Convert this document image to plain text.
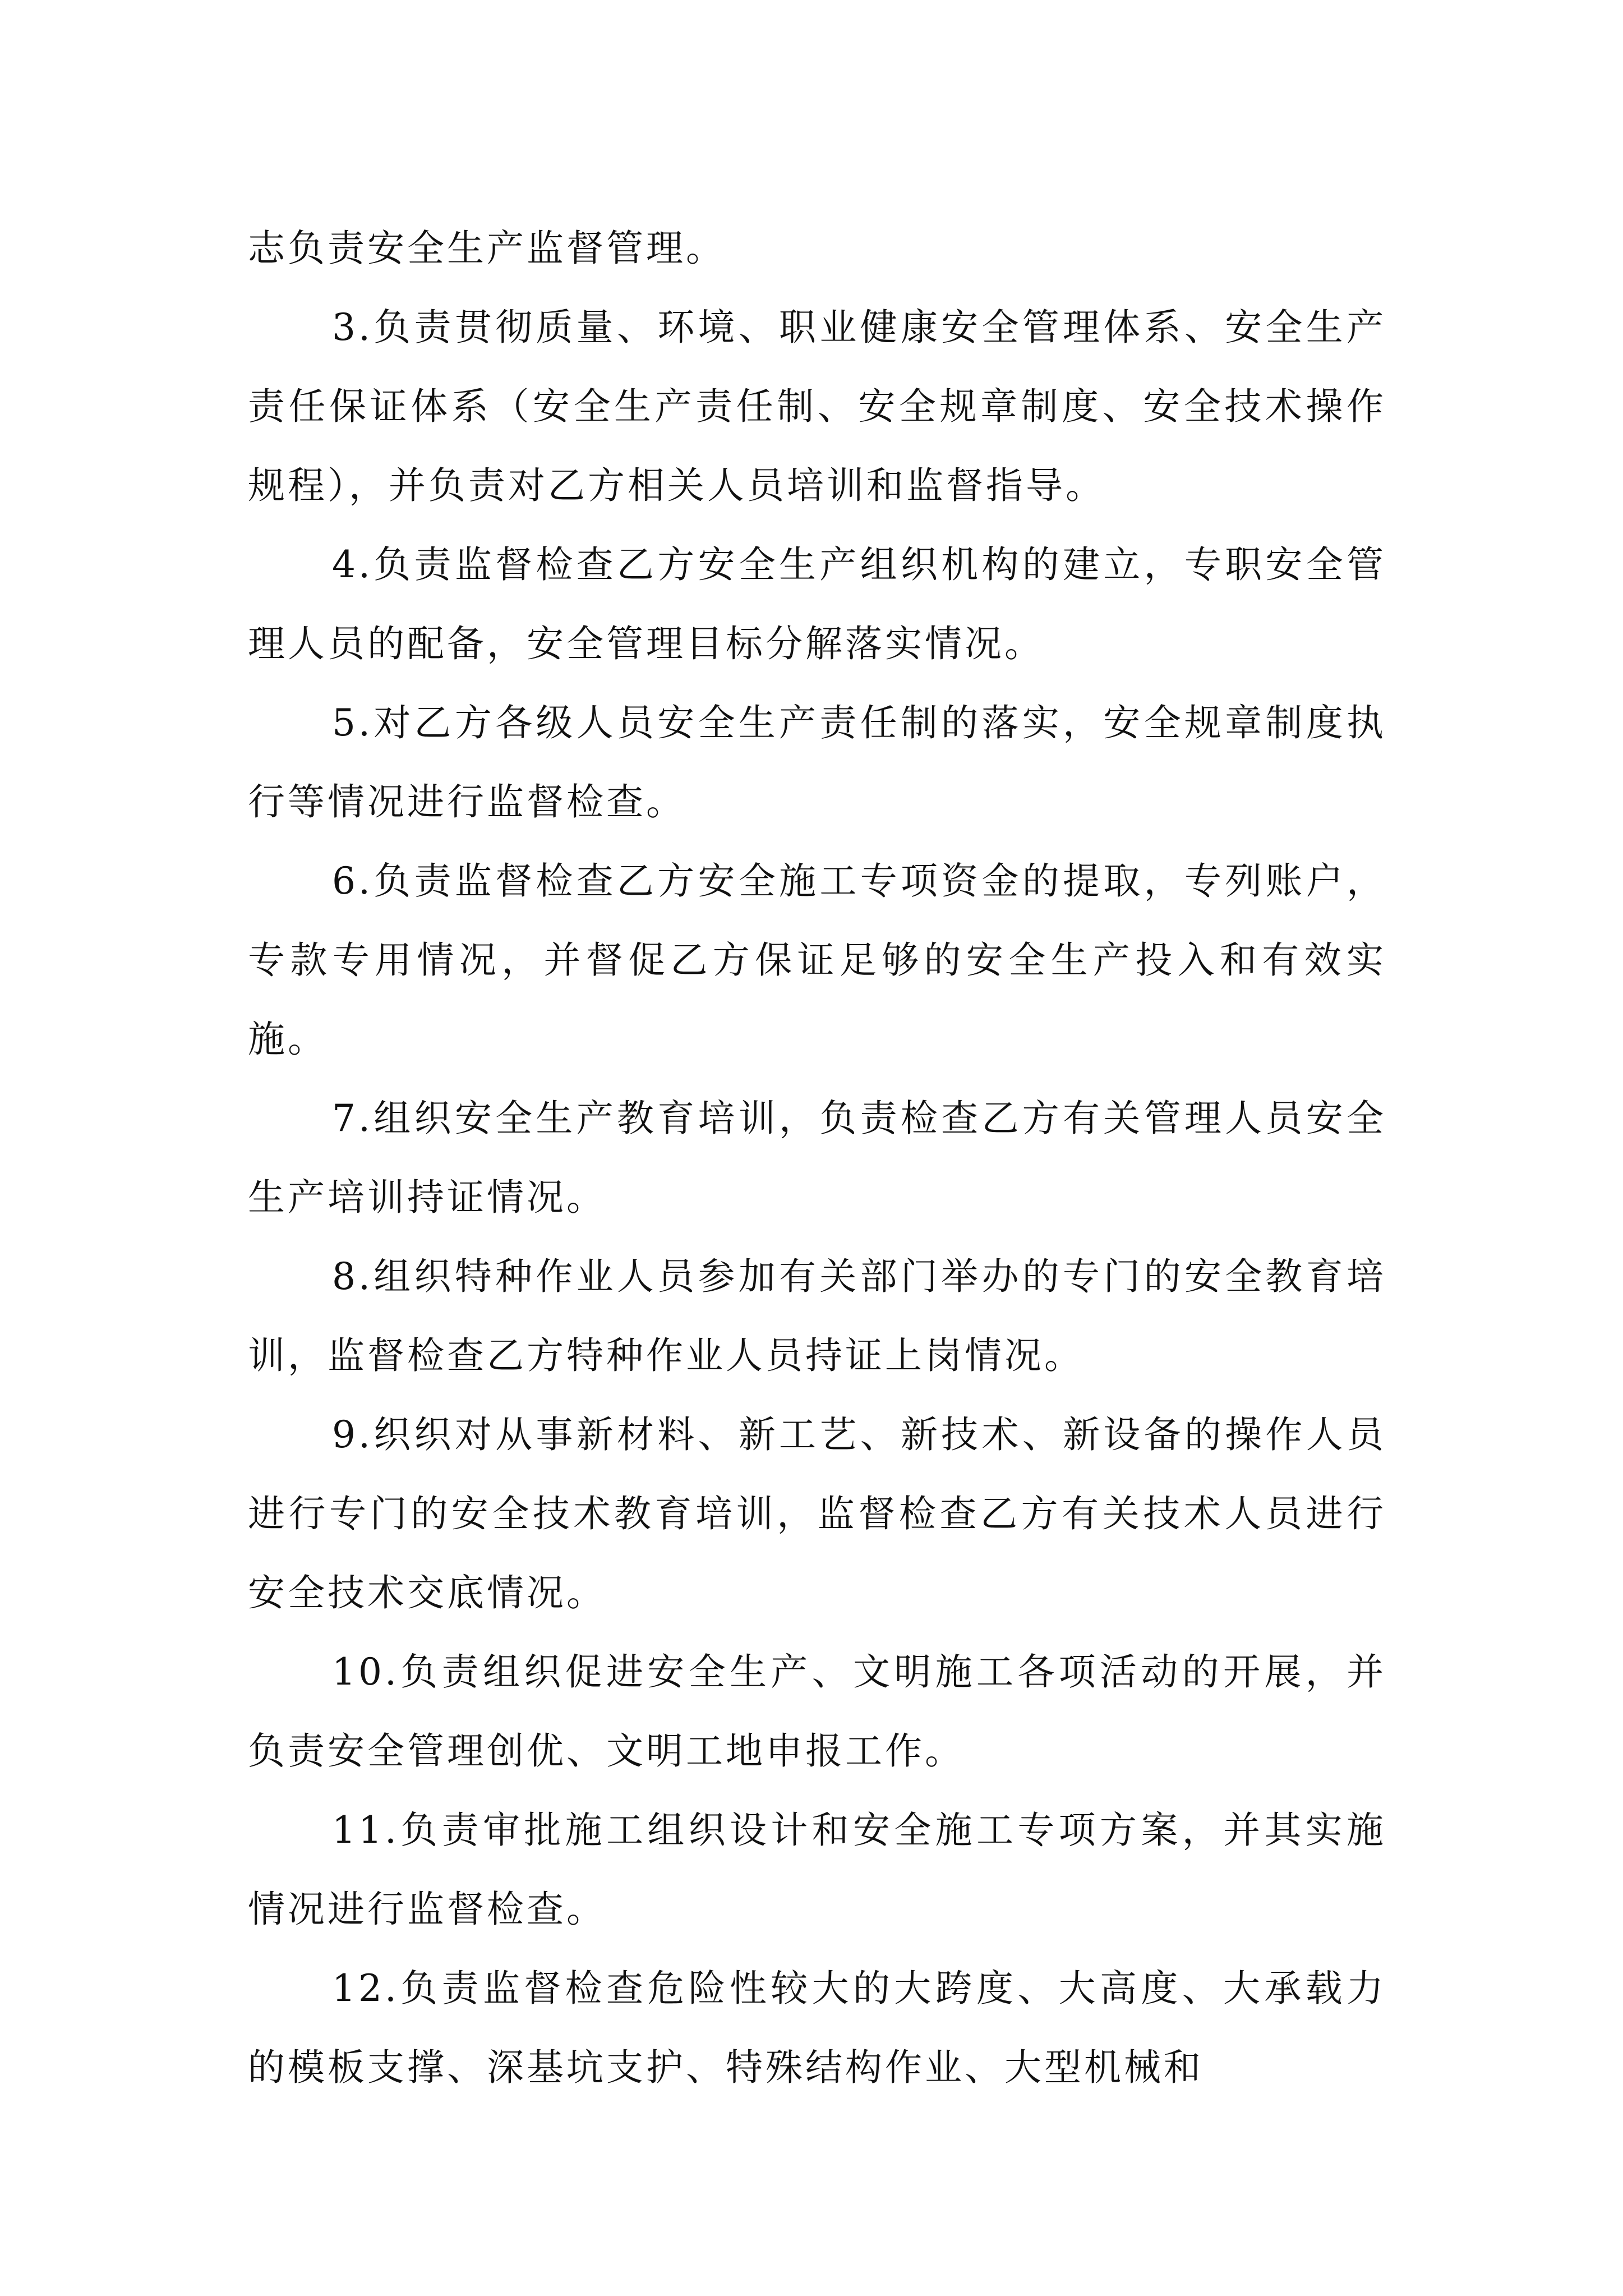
志负责安全生产监督管理。

3.负责贯彻质量、环境、职业健康安全管理体系、安全生产责任保证体系（安全生产责任制、安全规章制度、安全技术操作规程），并负责对乙方相关人员培训和监督指导。

4.负责监督检查乙方安全生产组织机构的建立，专职安全管理人员的配备，安全管理目标分解落实情况。

5.对乙方各级人员安全生产责任制的落实，安全规章制度执行等情况进行监督检查。

6.负责监督检查乙方安全施工专项资金的提取，专列账户，专款专用情况，并督促乙方保证足够的安全生产投入和有效实施。

7.组织安全生产教育培训，负责检查乙方有关管理人员安全生产培训持证情况。

8.组织特种作业人员参加有关部门举办的专门的安全教育培训，监督检查乙方特种作业人员持证上岗情况。

9.织织对从事新材料、新工艺、新技术、新设备的操作人员进行专门的安全技术教育培训，监督检查乙方有关技术人员进行安全技术交底情况。

10.负责组织促进安全生产、文明施工各项活动的开展，并负责安全管理创优、文明工地申报工作。

11.负责审批施工组织设计和安全施工专项方案，并其实施情况进行监督检查。

12.负责监督检查危险性较大的大跨度、大高度、大承载力的模板支撑、深基坑支护、特殊结构作业、大型机械和
